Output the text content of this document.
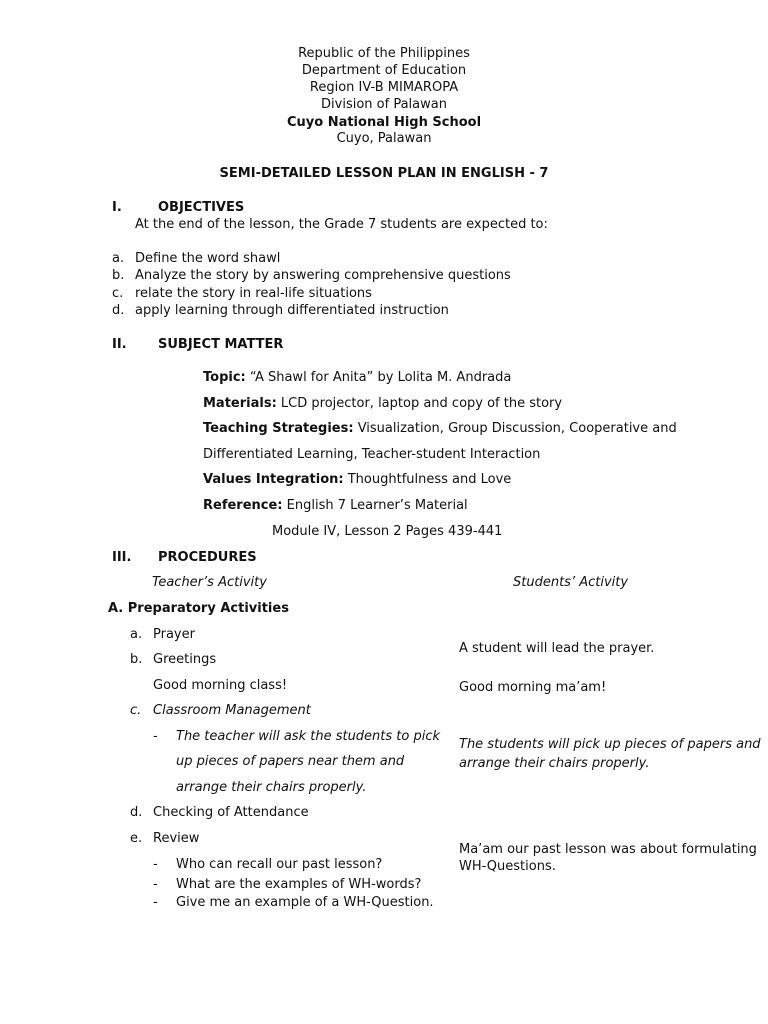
Republic of the Philippines
Department of Education
Region IV-B MIMAROPA
Division of Palawan
Cuyo National High School
Cuyo, Palawan
SEMI-DETAILED LESSON PLAN IN ENGLISH - 7
I.	OBJECTIVES
At the end of the lesson, the Grade 7 students are expected to:
a. Define the word shawl
b. Analyze the story by answering comprehensive questions
c. relate the story in real-life situations
d. apply learning through differentiated instruction
II. SUBJECT MATTER
Topic: “A Shawl for Anita” by Lolita M. Andrada
Materials: LCD projector, laptop and copy of the story
Teaching Strategies: Visualization, Group Discussion, Cooperative and
Differentiated Learning, Teacher-student Interaction
Values Integration: Thoughtfulness and Love
Reference: English 7 Learner’s Material
Module IV, Lesson 2 Pages 439-441
III. PROCEDURES
Teacher’s Activity	Students’ Activity
A. Preparatory Activities
a. Prayer
b. Greetings
Good morning class!
c. Classroom Management
- The teacher will ask the students to pick
up pieces of papers near them and
arrange their chairs properly.
d. Checking of Attendance
e. Review
- Who can recall our past lesson?
- What are the examples of WH-words?
- Give me an example of a WH-Question.
A student will lead the prayer.
Good morning ma’am!
The students will pick up pieces of papers and
arrange their chairs properly.
Ma’am our past lesson was about formulating
WH-Questions.
